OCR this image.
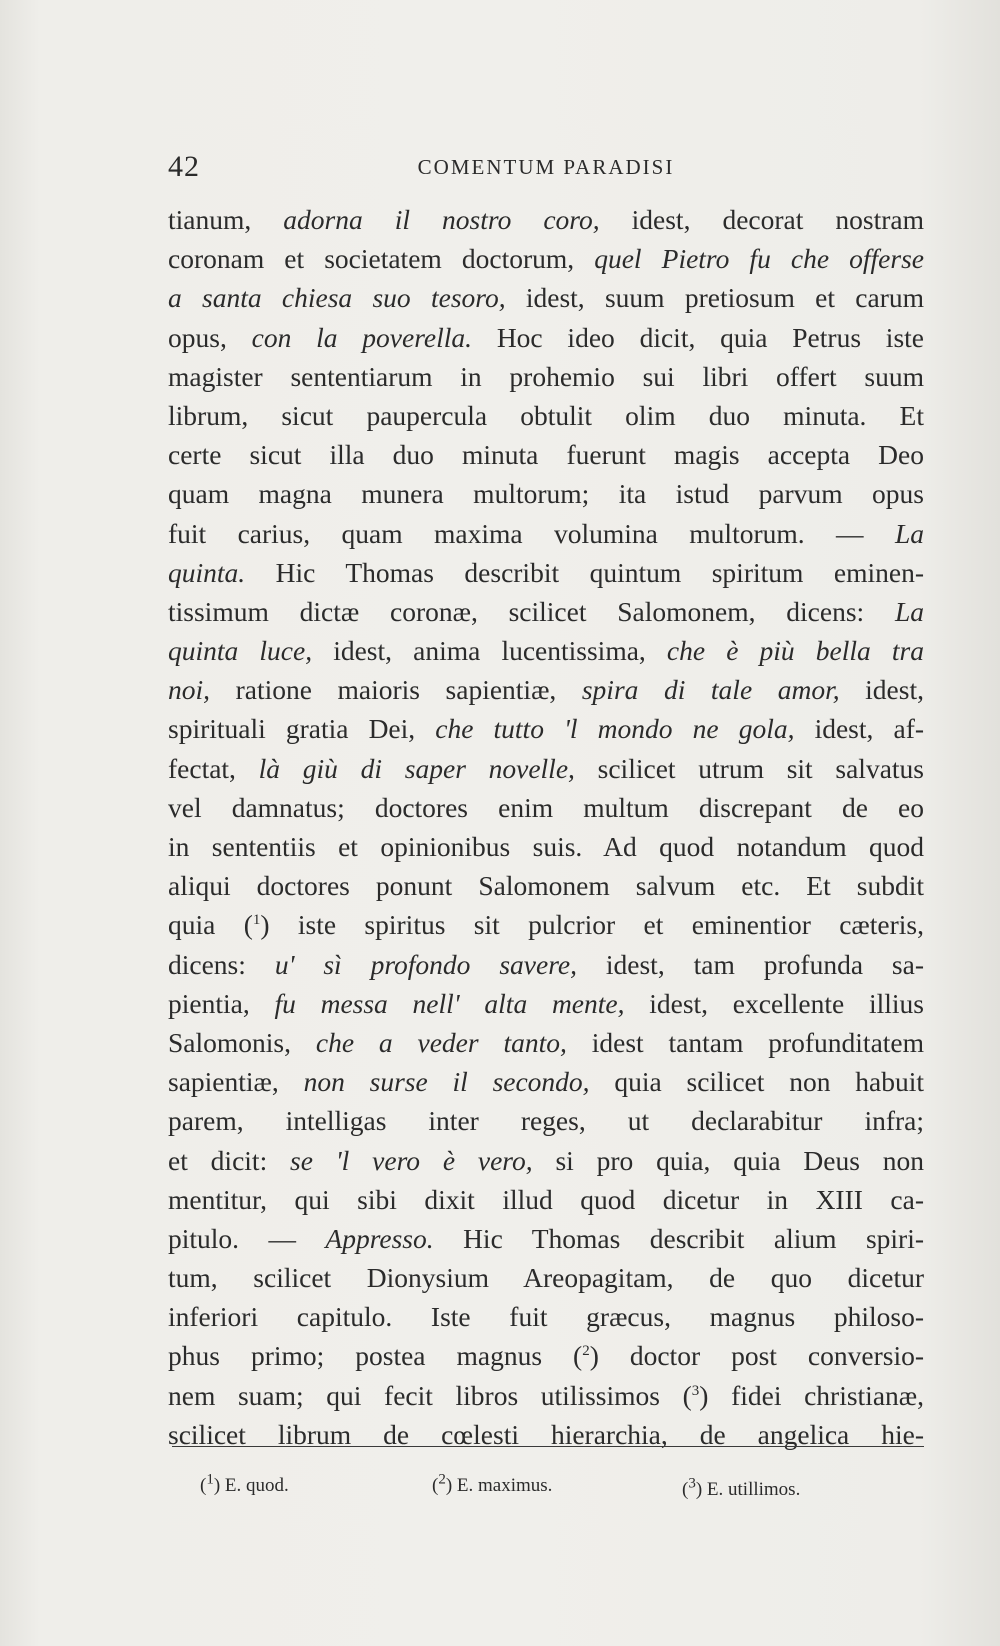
42	COMENTUM PARADISI
tianum, adorna il nostro coro, idest, decorat nostram
coronam et societatem doctorum, quel Pietro fu che offerse
a santa chiesa suo tesoro, idest, suum pretiosum et carum
opus, con la poverella. Hoc ideo dicit, quia Petrus iste
magister sententiarum in prohemio sui libri offert suum
librum, sicut paupercula obtulit olim duo minuta. Et
certe sicut illa duo minuta fuerunt magis accepta Deo
quam magna munera multorum; ita istud parvum opus
fuit carius, quam maxima volumina multorum. — La
quinta. Hic Thomas describit quintum spiritum eminen-
tissimum dictæ coronæ, scilicet Salomonem, dicens: La
quinta luce, idest, anima lucentissima, che è più bella tra
noi, ratione maioris sapientiæ, spira di tale amor, idest,
spirituali gratia Dei, che tutto 'l mondo ne gola, idest, af-
fectat, là giù di saper novelle, scilicet utrum sit salvatus
vel damnatus; doctores enim multum discrepant de eo
in sententiis et opinionibus suis. Ad quod notandum quod
aliqui doctores ponunt Salomonem salvum etc. Et subdit
quia ($^1$) iste spiritus sit pulcrior et eminentior cæteris,
dicens: u' sì profondo savere, idest, tam profunda sa-
pientia, fu messa nell' alta mente, idest, excellente illius
Salomonis, che a veder tanto, idest tantam profunditatem
sapientiæ, non surse il secondo, quia scilicet non habuit
parem, intelligas inter reges, ut declarabitur infra;
et dicit: se 'l vero è vero, si pro quia, quia Deus non
mentitur, qui sibi dixit illud quod dicetur in XIII ca-
pitulo. — Appresso. Hic Thomas describit alium spiri-
tum, scilicet Dionysium Areopagitam, de quo dicetur
inferiori capitulo. Iste fuit græcus, magnus philoso-
phus primo; postea magnus ($^2$) doctor post conversio-
nem suam; qui fecit libros utilissimos ($^3$) fidei christianæ,
scilicet librum de cœlesti hierarchia, de angelica hie-
($^1$) E. quod.	($^2$) E. maximus.	($^3$) E. utillimos.
